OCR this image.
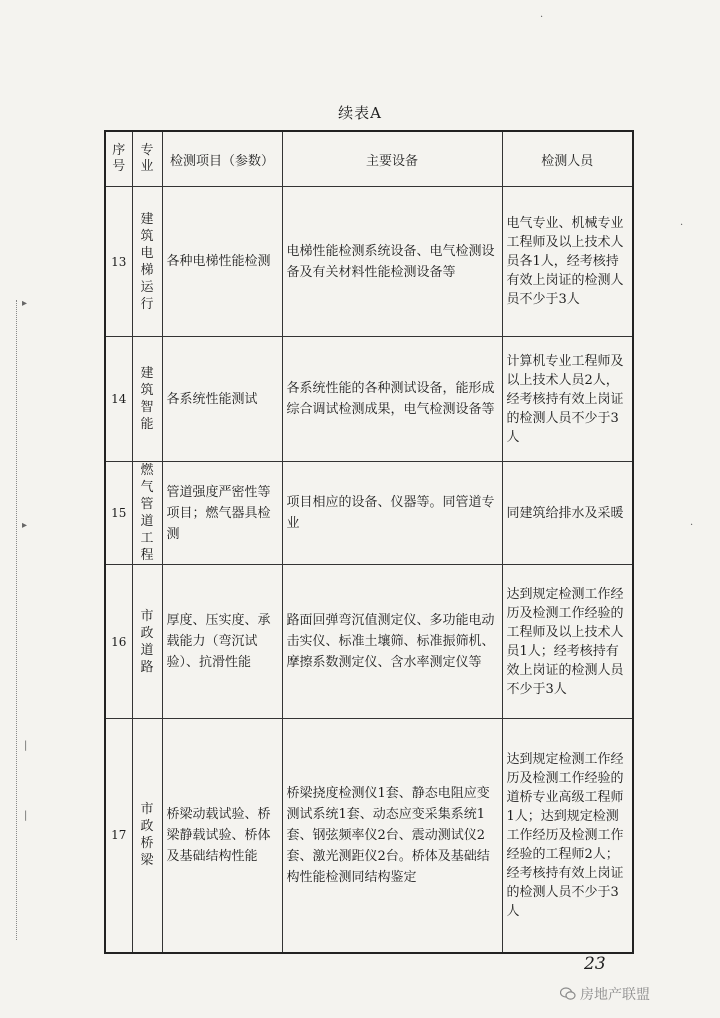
▸
▸
|
|
·
·
·
续表A
序号	专业	检测项目（参数）	主要设备	检测人员
13	建筑电梯运行	各种电梯性能检测	电梯性能检测系统设备、电气检测设备及有关材料性能检测设备等	电气专业、机械专业工程师及以上技术人员各1人，经考核持有效上岗证的检测人员不少于3人
14	建筑智能	各系统性能测试	各系统性能的各种测试设备，能形成综合调试检测成果，电气检测设备等	计算机专业工程师及以上技术人员2人，经考核持有效上岗证的检测人员不少于3人
15	燃气管道工程	管道强度严密性等项目；燃气器具检测	项目相应的设备、仪器等。同管道专业	同建筑给排水及采暖
16	市政道路	厚度、压实度、承载能力（弯沉试验）、抗滑性能	路面回弹弯沉值测定仪、多功能电动击实仪、标准土壤筛、标准振筛机、摩擦系数测定仪、含水率测定仪等	达到规定检测工作经历及检测工作经验的工程师及以上技术人员1人；经考核持有效上岗证的检测人员不少于3人
17	市政桥梁	桥梁动载试验、桥梁静载试验、桥体及基础结构性能	桥梁挠度检测仪1套、静态电阻应变测试系统1套、动态应变采集系统1套、钢弦频率仪2台、震动测试仪2套、激光测距仪2台。桥体及基础结构性能检测同结构鉴定	达到规定检测工作经历及检测工作经验的道桥专业高级工程师1人；达到规定检测工作经历及检测工作经验的工程师2人；经考核持有效上岗证的检测人员不少于3人
23
房地产联盟
